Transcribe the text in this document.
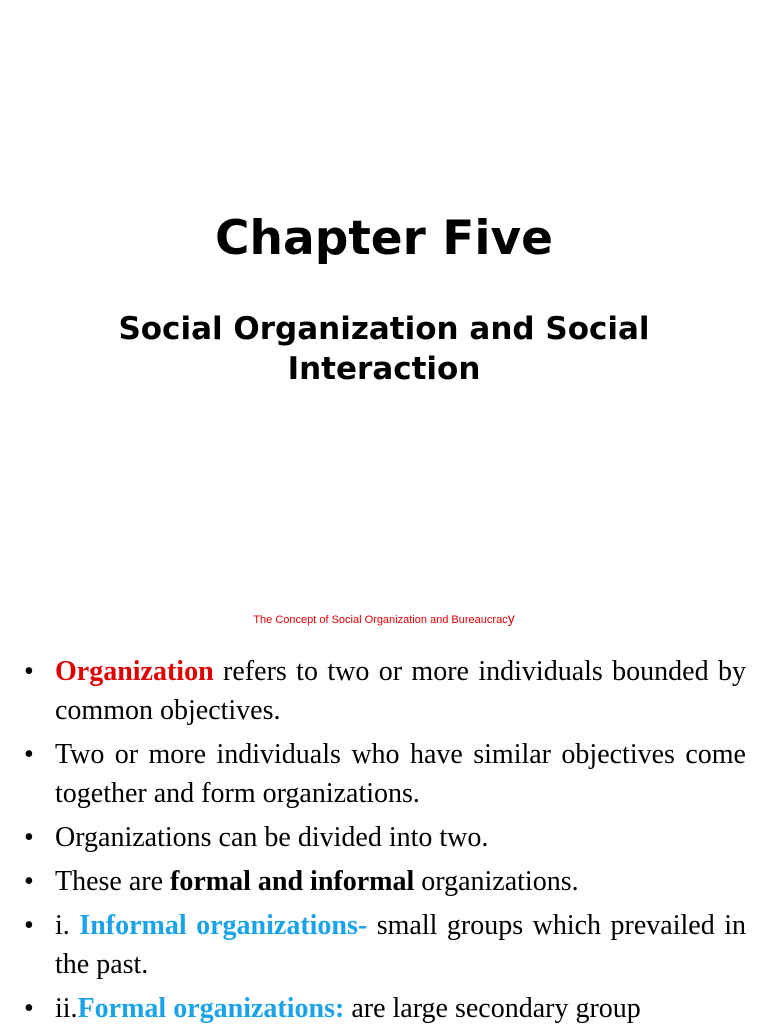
Chapter Five
Social Organization and Social Interaction

The Concept of Social Organization and Bureaucracy

• Organization refers to two or more individuals bounded by common objectives.
• Two or more individuals who have similar objectives come together and form organizations.
• Organizations can be divided into two.
• These are formal and informal organizations.
• i. Informal organizations- small groups which prevailed in the past.
• ii.Formal organizations: are large secondary group
